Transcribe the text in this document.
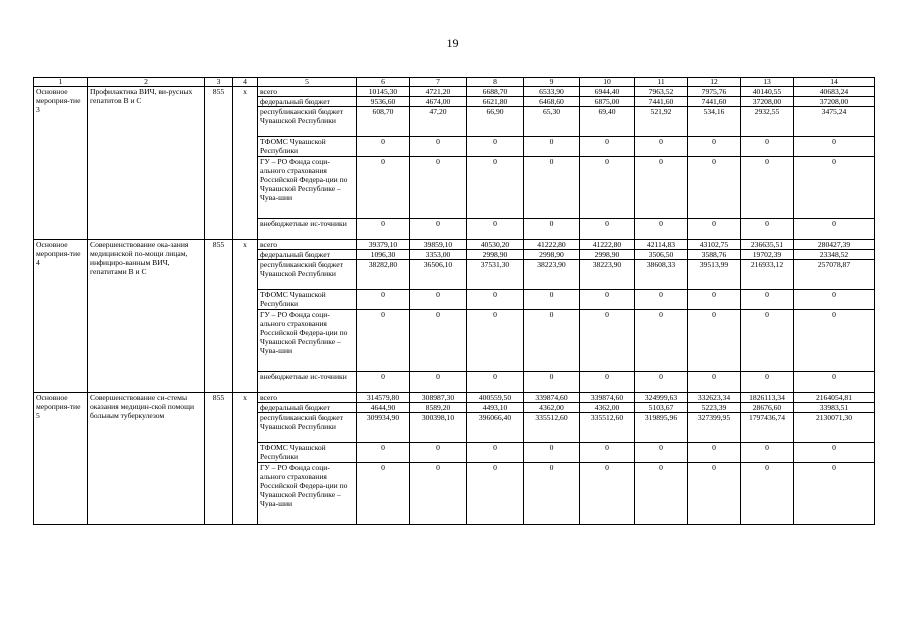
19
1	2	3	4	5	6	7	8	9	10	11	12	13	14
Основное мероприя-тие 3	Профилактика ВИЧ, ви-русных гепатитов В и С	855	x	всего	10145,30	4721,20	6688,70	6533,90	6944,40	7963,52	7975,76	40140,55	40683,24
				федеральный бюджет	9536,60	4674,00	6621,80	6468,60	6875,00	7441,60	7441,60	37208,00	37208,00
				республиканский бюджет Чувашской Республики	608,70	47,20	66,90	65,30	69,40	521,92	534,16	2932,55	3475,24
				ТФОМС Чувашской Республики	0	0	0	0	0	0	0	0	0
				ГУ – РО Фонда соци-ального страхования Российской Федера-ции по Чувашской Республике – Чува-шии	0	0	0	0	0	0	0	0	0
				внебюджетные ис-точники	0	0	0	0	0	0	0	0	0
Основное мероприя-тие 4	Совершенствование ока-зания медицинской по-мощи лицам, инфициро-ванным ВИЧ, гепатитами В и С	855	x	всего	39379,10	39859,10	40530,20	41222,80	41222,80	42114,83	43102,75	236635,51	280427,39
				федеральный бюджет	1096,30	3353,00	2998,90	2998,90	2998,90	3506,50	3588,76	19702,39	23348,52
				республиканский бюджет Чувашской Республики	38282,80	36506,10	37531,30	38223,90	38223,90	38608,33	39513,99	216933,12	257078,87
				ТФОМС Чувашской Республики	0	0	0	0	0	0	0	0	0
				ГУ – РО Фонда соци-ального страхования Российской Федера-ции по Чувашской Республике – Чува-шии	0	0	0	0	0	0	0	0	0
				внебюджетные ис-точники	0	0	0	0	0	0	0	0	0
Основное мероприя-тие 5	Совершенствование си-стемы оказания медицин-ской помощи больным туберкулезом	855	x	всего	314579,80	308987,30	400559,50	339874,60	339874,60	324999,63	332623,34	1826113,34	2164054,81
				федеральный бюджет	4644,90	8589,20	4493,10	4362,00	4362,00	5103,67	5223,39	28676,60	33983,51
				республиканский бюджет Чувашской Республики	309934,90	300398,10	396066,40	335512,60	335512,60	319895,96	327399,95	1797436,74	2130071,30
				ТФОМС Чувашской Республики	0	0	0	0	0	0	0	0	0
				ГУ – РО Фонда соци-ального страхования Российской Федера-ции по Чувашской Республике – Чува-шии	0	0	0	0	0	0	0	0	0
